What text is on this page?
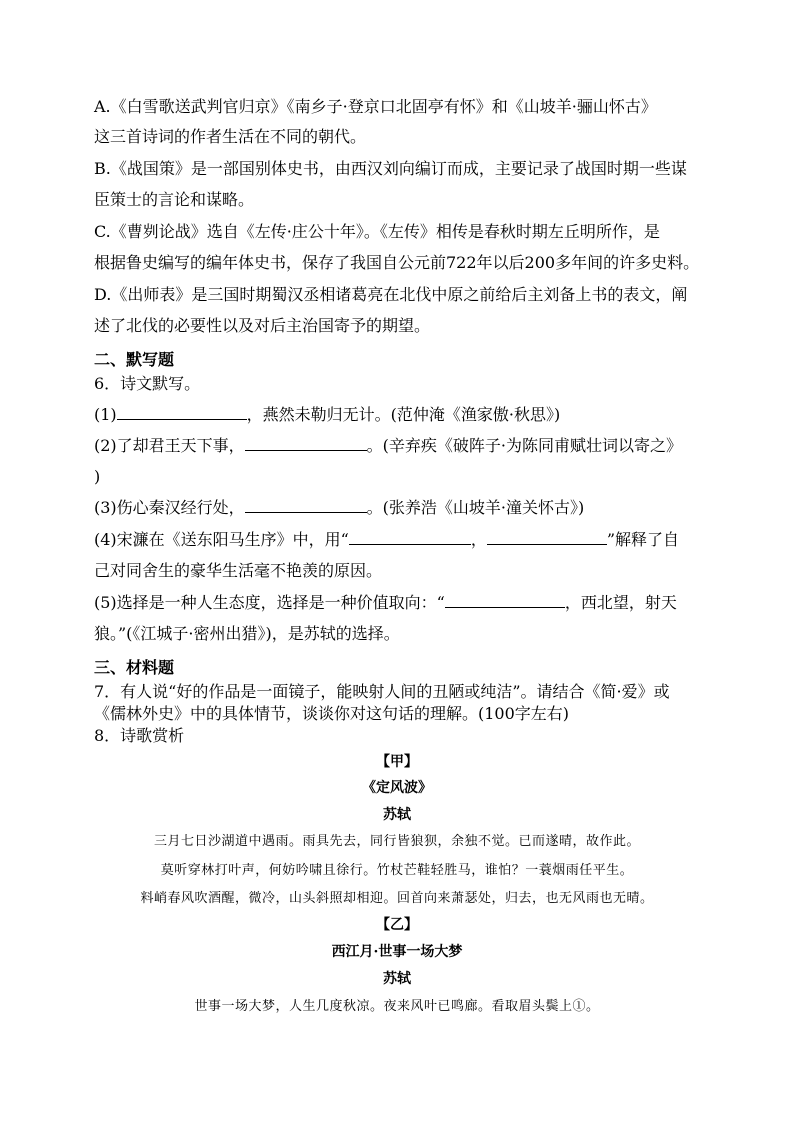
A.《白雪歌送武判官归京》《南乡子·登京口北固亭有怀》和《山坡羊·骊山怀古》
这三首诗词的作者生活在不同的朝代。
B.《战国策》是一部国别体史书，由西汉刘向编订而成，主要记录了战国时期一些谋
臣策士的言论和谋略。
C.《曹刿论战》选自《左传·庄公十年》。《左传》相传是春秋时期左丘明所作，是
根据鲁史编写的编年体史书，保存了我国自公元前722年以后200多年间的许多史料。
D.《出师表》是三国时期蜀汉丞相诸葛亮在北伐中原之前给后主刘备上书的表文，阐
述了北伐的必要性以及对后主治国寄予的期望。
二、默写题
6．诗文默写。
(1)	，燕然未勒归无计。(范仲淹《渔家傲·秋思》)
(2)了却君王天下事，	。(辛弃疾《破阵子·为陈同甫赋壮词以寄之》
)
(3)伤心秦汉经行处，	。(张养浩《山坡羊·潼关怀古》)
(4)宋濂在《送东阳马生序》中，用“	，	”解释了自
己对同舍生的豪华生活毫不艳羡的原因。
(5)选择是一种人生态度，选择是一种价值取向：“	，西北望，射天
狼。”(《江城子·密州出猎》)，是苏轼的选择。
三、材料题
7．有人说“好的作品是一面镜子，能映射人间的丑陋或纯洁”。请结合《简·爱》或
《儒林外史》中的具体情节，谈谈你对这句话的理解。(100字左右)
8．诗歌赏析
【甲】
《定风波》
苏轼
三月七日沙湖道中遇雨。雨具先去，同行皆狼狈，余独不觉。已而遂晴，故作此。
莫听穿林打叶声，何妨吟啸且徐行。竹杖芒鞋轻胜马，谁怕？一蓑烟雨任平生。
料峭春风吹酒醒，微冷，山头斜照却相迎。回首向来萧瑟处，归去，也无风雨也无晴。
【乙】
西江月·世事一场大梦
苏轼
世事一场大梦，人生几度秋凉。夜来风叶已鸣廊。看取眉头鬓上①。
